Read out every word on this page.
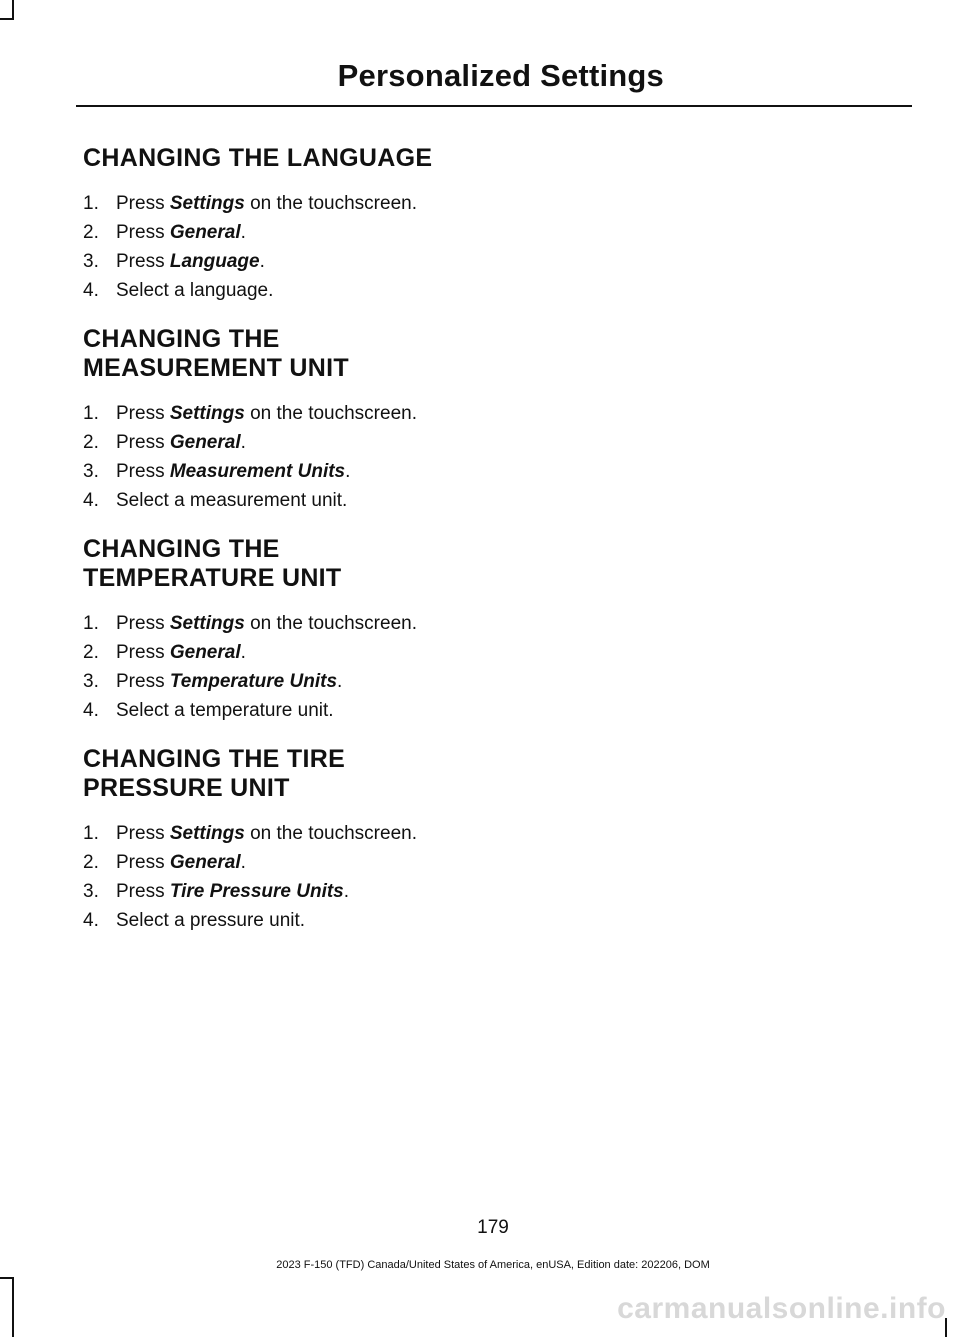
Personalized Settings
CHANGING THE LANGUAGE
1. Press Settings on the touchscreen.
2. Press General.
3. Press Language.
4. Select a language.
CHANGING THE
MEASUREMENT UNIT
1. Press Settings on the touchscreen.
2. Press General.
3. Press Measurement Units.
4. Select a measurement unit.
CHANGING THE
TEMPERATURE UNIT
1. Press Settings on the touchscreen.
2. Press General.
3. Press Temperature Units.
4. Select a temperature unit.
CHANGING THE TIRE
PRESSURE UNIT
1. Press Settings on the touchscreen.
2. Press General.
3. Press Tire Pressure Units.
4. Select a pressure unit.
179
2023 F-150 (TFD) Canada/United States of America, enUSA, Edition date: 202206, DOM
carmanualsonline.info
